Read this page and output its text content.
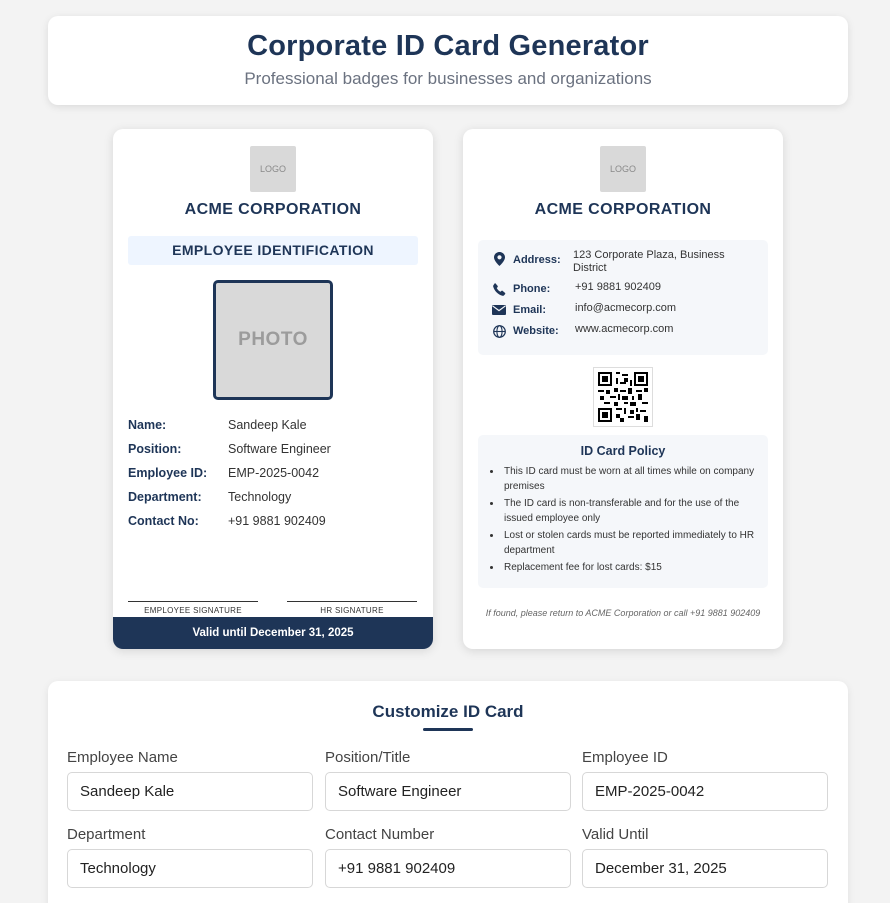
Corporate ID Card Generator

Professional badges for businesses and organizations

LOGO
ACME CORPORATION
EMPLOYEE IDENTIFICATION
PHOTO
Name:	Sandeep Kale
Position:	Software Engineer
Employee ID:	EMP-2025-0042
Department:	Technology
Contact No:	+91 9881 902409
EMPLOYEE SIGNATURE	HR SIGNATURE
Valid until December 31, 2025
LOGO
ACME CORPORATION
Address:	123 Corporate Plaza, Business District
Phone:	+91 9881 902409
Email:	info@acmecorp.com
Website:	www.acmecorp.com
ID Card Policy
• This ID card must be worn at all times while on company premises
• The ID card is non-transferable and for the use of the issued employee only
• Lost or stolen cards must be reported immediately to HR department
• Replacement fee for lost cards: $15
If found, please return to ACME Corporation or call +91 9881 902409
Customize ID Card
Employee Name
Sandeep Kale
Position/Title
Software Engineer
Employee ID
EMP-2025-0042
Department
Technology
Contact Number
+91 9881 902409
Valid Until
December 31, 2025
